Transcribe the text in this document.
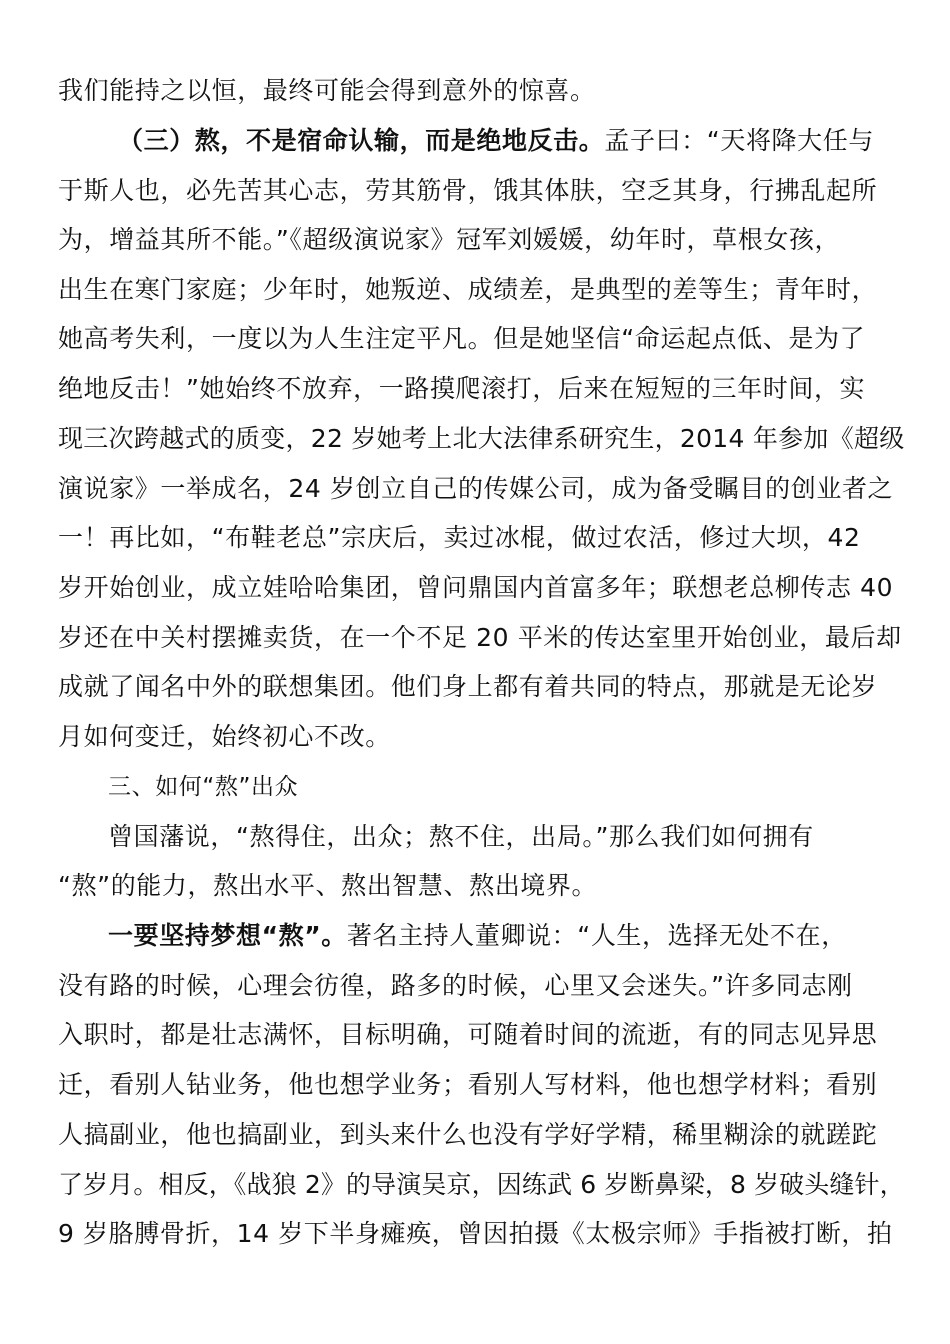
我们能持之以恒，最终可能会得到意外的惊喜。
（三）熬，不是宿命认输，而是绝地反击。孟子曰：“天将降大任与
于斯人也，必先苦其心志，劳其筋骨，饿其体肤，空乏其身，行拂乱起所
为，增益其所不能。”《超级演说家》冠军刘媛媛，幼年时，草根女孩，
出生在寒门家庭；少年时，她叛逆、成绩差，是典型的差等生；青年时，
她高考失利，一度以为人生注定平凡。但是她坚信“命运起点低、是为了
绝地反击！”她始终不放弃，一路摸爬滚打，后来在短短的三年时间，实
现三次跨越式的质变，22 岁她考上北大法律系研究生，2014 年参加《超级
演说家》一举成名，24 岁创立自己的传媒公司，成为备受瞩目的创业者之
一！再比如，“布鞋老总”宗庆后，卖过冰棍，做过农活，修过大坝，42
岁开始创业，成立娃哈哈集团，曾问鼎国内首富多年；联想老总柳传志 40
岁还在中关村摆摊卖货，在一个不足 20 平米的传达室里开始创业，最后却
成就了闻名中外的联想集团。他们身上都有着共同的特点，那就是无论岁
月如何变迁，始终初心不改。
三、如何“熬”出众
曾国藩说，“熬得住，出众；熬不住，出局。”那么我们如何拥有
“熬”的能力，熬出水平、熬出智慧、熬出境界。
一要坚持梦想“熬”。著名主持人董卿说：“人生，选择无处不在，
没有路的时候，心理会彷徨，路多的时候，心里又会迷失。”许多同志刚
入职时，都是壮志满怀，目标明确，可随着时间的流逝，有的同志见异思
迁，看别人钻业务，他也想学业务；看别人写材料，他也想学材料；看别
人搞副业，他也搞副业，到头来什么也没有学好学精，稀里糊涂的就蹉跎
了岁月。相反，《战狼 2》的导演吴京，因练武 6 岁断鼻梁，8 岁破头缝针，
9 岁胳膊骨折，14 岁下半身瘫痪，曾因拍摄《太极宗师》手指被打断，拍
